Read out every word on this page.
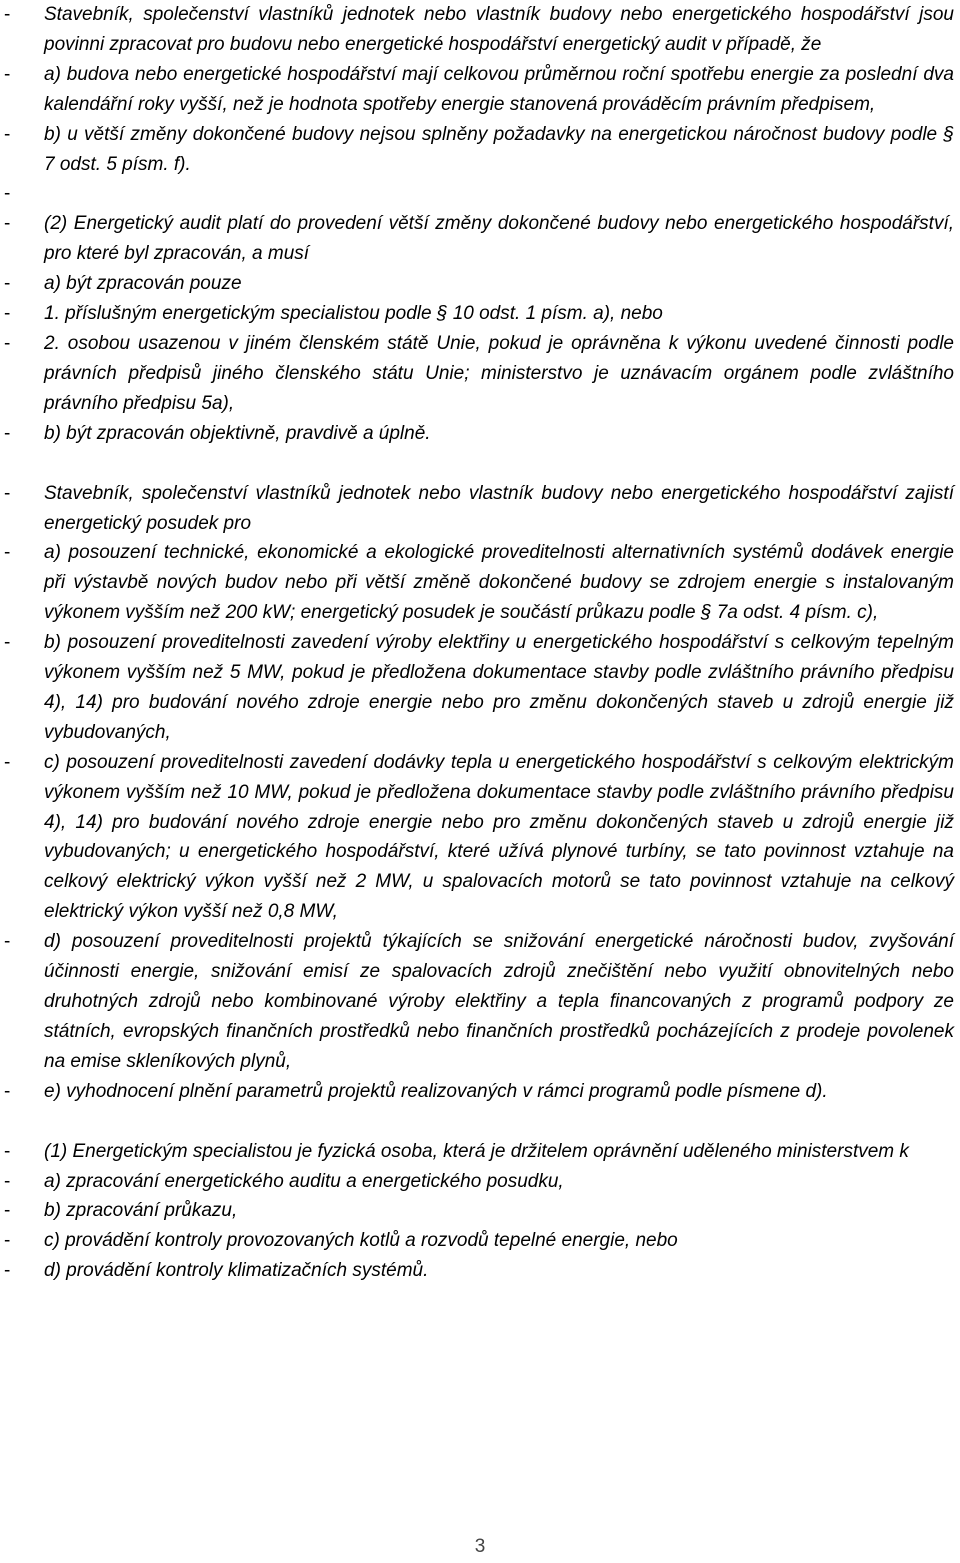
-	Stavebník, společenství vlastníků jednotek nebo vlastník budovy nebo energetického hospodářství jsou povinni zpracovat pro budovu nebo energetické hospodářství energetický audit v případě, že
-	a) budova nebo energetické hospodářství mají celkovou průměrnou roční spotřebu energie za poslední dva kalendářní roky vyšší, než je hodnota spotřeby energie stanovená prováděcím právním předpisem,
-	b) u větší změny dokončené budovy nejsou splněny požadavky na energetickou náročnost budovy podle § 7 odst. 5 písm. f).
-
-	(2) Energetický audit platí do provedení větší změny dokončené budovy nebo energetického hospodářství, pro které byl zpracován, a musí
-	a) být zpracován pouze
-	1. příslušným energetickým specialistou podle § 10 odst. 1 písm. a), nebo
-	2. osobou usazenou v jiném členském státě Unie, pokud je oprávněna k výkonu uvedené činnosti podle právních předpisů jiného členského státu Unie; ministerstvo je uznávacím orgánem podle zvláštního právního předpisu 5a),
-	b) být zpracován objektivně, pravdivě a úplně.
-	Stavebník, společenství vlastníků jednotek nebo vlastník budovy nebo energetického hospodářství zajistí energetický posudek pro
-	a) posouzení technické, ekonomické a ekologické proveditelnosti alternativních systémů dodávek energie při výstavbě nových budov nebo při větší změně dokončené budovy se zdrojem energie s instalovaným výkonem vyšším než 200 kW; energetický posudek je součástí průkazu podle § 7a odst. 4 písm. c),
-	b) posouzení proveditelnosti zavedení výroby elektřiny u energetického hospodářství s celkovým tepelným výkonem vyšším než 5 MW, pokud je předložena dokumentace stavby podle zvláštního právního předpisu 4), 14) pro budování nového zdroje energie nebo pro změnu dokončených staveb u zdrojů energie již vybudovaných,
-	c) posouzení proveditelnosti zavedení dodávky tepla u energetického hospodářství s celkovým elektrickým výkonem vyšším než 10 MW, pokud je předložena dokumentace stavby podle zvláštního právního předpisu 4), 14) pro budování nového zdroje energie nebo pro změnu dokončených staveb u zdrojů energie již vybudovaných; u energetického hospodářství, které užívá plynové turbíny, se tato povinnost vztahuje na celkový elektrický výkon vyšší než 2 MW, u spalovacích motorů se tato povinnost vztahuje na celkový elektrický výkon vyšší než 0,8 MW,
-	d) posouzení proveditelnosti projektů týkajících se snižování energetické náročnosti budov, zvyšování účinnosti energie, snižování emisí ze spalovacích zdrojů znečištění nebo využití obnovitelných nebo druhotných zdrojů nebo kombinované výroby elektřiny a tepla financovaných z programů podpory ze státních, evropských finančních prostředků nebo finančních prostředků pocházejících z prodeje povolenek na emise skleníkových plynů,
-	e) vyhodnocení plnění parametrů projektů realizovaných v rámci programů podle písmene d).
-	(1) Energetickým specialistou je fyzická osoba, která je držitelem oprávnění uděleného ministerstvem k
-	a) zpracování energetického auditu a energetického posudku,
-	b) zpracování průkazu,
-	c) provádění kontroly provozovaných kotlů a rozvodů tepelné energie, nebo
-	d) provádění kontroly klimatizačních systémů.
3
